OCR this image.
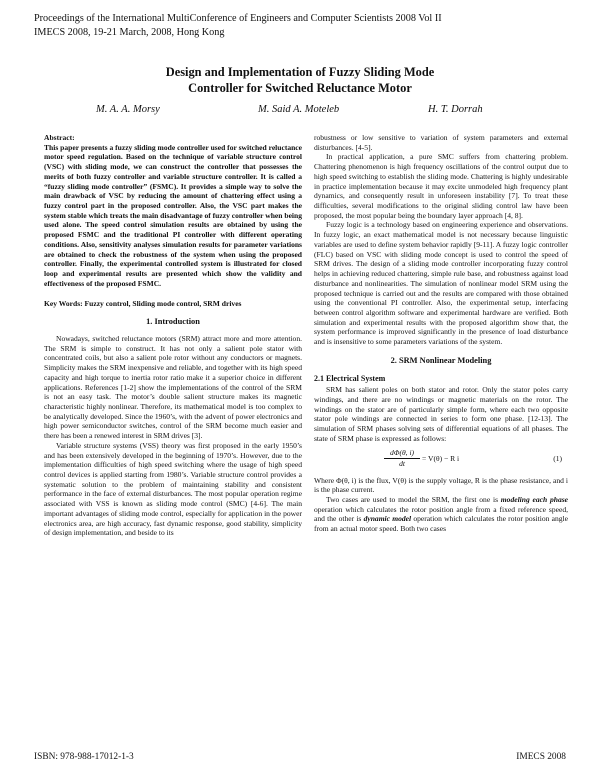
Proceedings of the International MultiConference of Engineers and Computer Scientists 2008 Vol II
IMECS 2008, 19-21 March, 2008, Hong Kong
Design and Implementation of Fuzzy Sliding Mode
Controller for Switched Reluctance Motor
M. A. A. Morsy	M. Said A. Moteleb	H. T. Dorrah

Abstract:
This paper presents a fuzzy sliding mode controller used for switched reluctance motor speed regulation. Based on the technique of variable structure control (VSC) with sliding mode, we can construct the controller that possesses the merits of both fuzzy controller and variable structure controller. It is called a “fuzzy sliding mode controller” (FSMC). It provides a simple way to solve the main drawback of VSC by reducing the amount of chattering effect using a fuzzy control part in the proposed controller. Also, the VSC part makes the system stable which treats the main disadvantage of fuzzy controller when being used alone. The speed control simulation results are obtained by using the proposed FSMC and the traditional PI controller with different operating conditions. Also, sensitivity analyses simulation results for parameter variations are obtained to check the robustness of the system when using the proposed controller. Finally, the experimental controlled system is illustrated for closed loop and experimental results are presented which show the validity and effectiveness of the proposed FSMC.

Key Words: Fuzzy control, Sliding mode control, SRM drives

1. Introduction

Nowadays, switched reluctance motors (SRM) attract more and more attention. The SRM is simple to construct. It has not only a salient pole stator with concentrated coils, but also a salient pole rotor without any conductors or magnets. Simplicity makes the SRM inexpensive and reliable, and together with its high speed capacity and high torque to inertia rotor ratio make it a superior choice in different applications. References [1-2] show the implementations of the control of the SRM is not an easy task. The motor’s double salient structure makes its magnetic characteristic highly nonlinear. Therefore, its mathematical model is too complex to be analytically developed. Since the 1960’s, with the advent of power electronics and high power semiconductor switches, control of the SRM become much easier and there has been a renewed interest in SRM drives [3].

Variable structure systems (VSS) theory was first proposed in the early 1950’s and has been extensively developed in the beginning of 1970’s. However, due to the implementation difficulties of high speed switching where the usage of high speed control devices is applied starting from 1980’s. Variable structure control provides a systematic solution to the problem of maintaining stability and consistent performance in the face of external disturbances. The most popular operation regime associated with VSS is known as sliding mode control (SMC) [4-6]. The main important advantages of sliding mode control, especially for application in the power electronics area, are high accuracy, fast dynamic response, good stability, simplicity of design implementation, and beside to its

robustness or low sensitive to variation of system parameters and external disturbances. [4-5].

In practical application, a pure SMC suffers from chattering problem. Chattering phenomenon is high frequency oscillations of the control output due to high speed switching to establish the sliding mode. Chattering is highly undesirable in practice implementation because it may excite unmodeled high frequency plant dynamics, and consequently result in unforeseen instability [7]. To treat these difficulties, several modifications to the original sliding control law have been proposed, the most popular being the boundary layer approach [4, 8].

Fuzzy logic is a technology based on engineering experience and observations. In fuzzy logic, an exact mathematical model is not necessary because linguistic variables are used to define system behavior rapidly [9-11]. A fuzzy logic controller (FLC) based on VSC with sliding mode concept is used to control the speed of SRM drives. The design of a sliding mode controller incorporating fuzzy control helps in achieving reduced chattering, simple rule base, and robustness against load disturbance and nonlinearities. The simulation of nonlinear model SRM using the proposed technique is carried out and the results are compared with those obtained using the conventional PI controller. Also, the experimental setup, interfacing between control algorithm software and experimental hardware are verified. Both simulation and experimental results with the proposed algorithm show that, the system performance is improved significantly in the presence of load disturbance and is insensitive to some parameters variations of the system.

2. SRM Nonlinear Modeling

2.1 Electrical System

SRM has salient poles on both stator and rotor. Only the stator poles carry windings, and there are no windings or magnetic materials on the rotor. The windings on the stator are of particularly simple form, where each two opposite stator pole windings are connected in series to form one phase. [12-13]. The simulation of SRM phases solving sets of differential equations of all phases. The state of SRM phase is expressed as follows:

$\frac{d\Phi(\theta, i)}{dt} = V(\theta) - R$ i	(1)

Where Φ(θ, i) is the flux, V(θ) is the supply voltage, R is the phase resistance, and i is the phase current.

Two cases are used to model the SRM, the first one is modeling each phase operation which calculates the rotor position angle from a fixed reference speed, and the other is dynamic model operation which calculates the rotor position angle from an actual motor speed. Both two cases

ISBN: 978-988-17012-1-3	IMECS 2008
